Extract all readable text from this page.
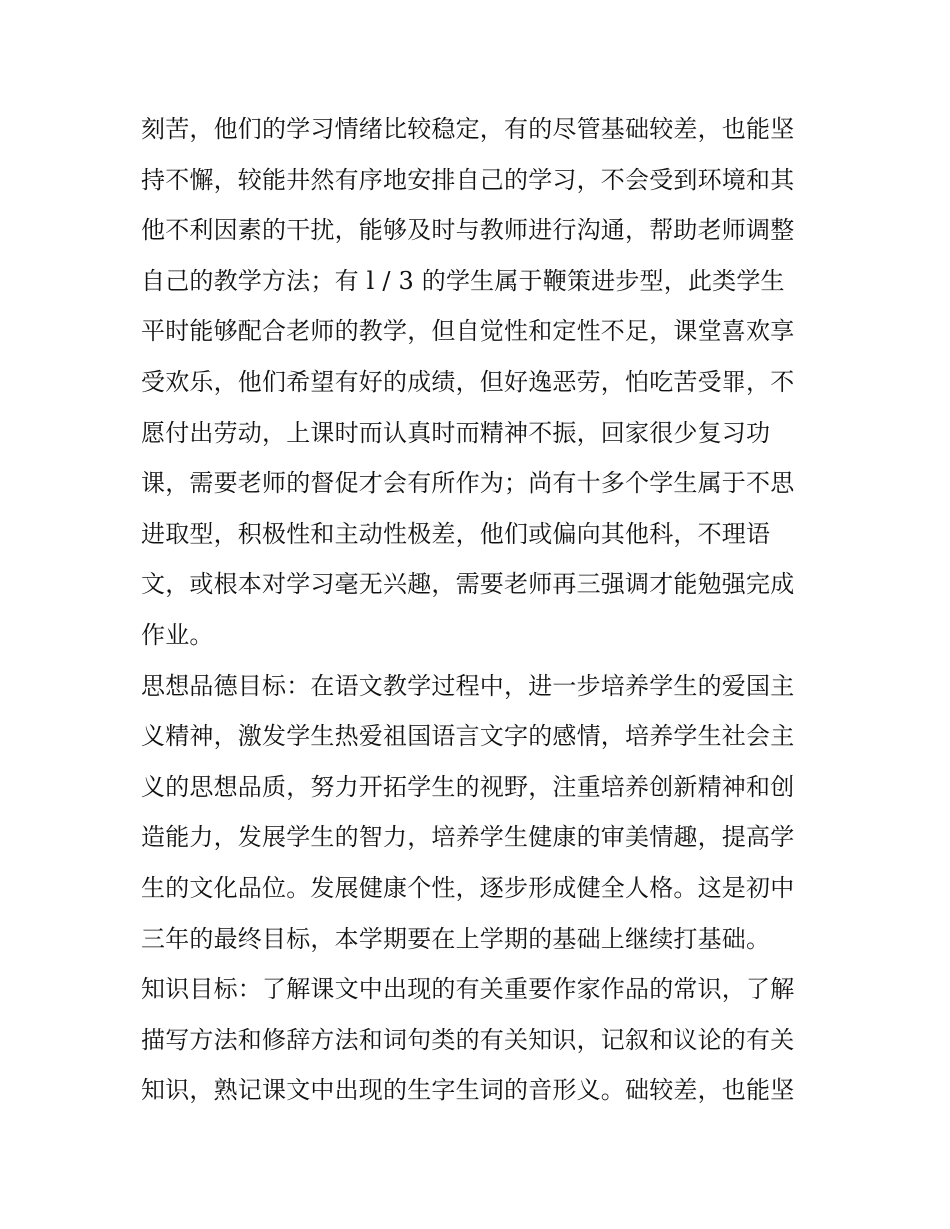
刻苦，他们的学习情绪比较稳定，有的尽管基础较差，也能坚
持不懈，较能井然有序地安排自己的学习，不会受到环境和其
他不利因素的干扰，能够及时与教师进行沟通，帮助老师调整
自己的教学方法；有 l / 3 的学生属于鞭策进步型，此类学生
平时能够配合老师的教学，但自觉性和定性不足，课堂喜欢享
受欢乐，他们希望有好的成绩，但好逸恶劳，怕吃苦受罪，不
愿付出劳动，上课时而认真时而精神不振，回家很少复习功
课，需要老师的督促才会有所作为；尚有十多个学生属于不思
进取型，积极性和主动性极差，他们或偏向其他科，不理语
文，或根本对学习毫无兴趣，需要老师再三强调才能勉强完成
作业。
思想品德目标：在语文教学过程中，进一步培养学生的爱国主
义精神，激发学生热爱祖国语言文字的感情，培养学生社会主
义的思想品质，努力开拓学生的视野，注重培养创新精神和创
造能力，发展学生的智力，培养学生健康的审美情趣，提高学
生的文化品位。发展健康个性，逐步形成健全人格。这是初中
三年的最终目标，本学期要在上学期的基础上继续打基础。
知识目标：了解课文中出现的有关重要作家作品的常识，了解
描写方法和修辞方法和词句类的有关知识，记叙和议论的有关
知识，熟记课文中出现的生字生词的音形义。础较差，也能坚
